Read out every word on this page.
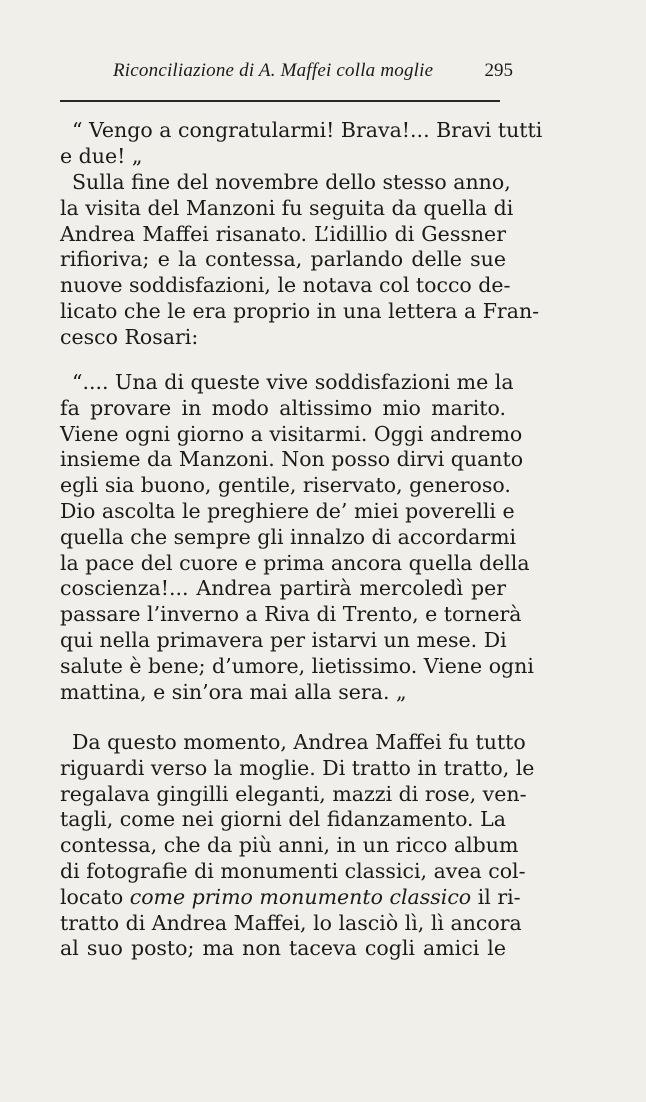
Riconciliazione di A. Maffei colla moglie	295
“ Vengo a congratularmi! Brava!... Bravi tutti
e due! „
Sulla fine del novembre dello stesso anno,
la visita del Manzoni fu seguita da quella di
Andrea Maffei risanato. L’idillio di Gessner
rifioriva; e la contessa, parlando delle sue
nuove soddisfazioni, le notava col tocco de-
licato che le era proprio in una lettera a Fran-
cesco Rosari:
“.... Una di queste vive soddisfazioni me la
fa provare in modo altissimo mio marito.
Viene ogni giorno a visitarmi. Oggi andremo
insieme da Manzoni. Non posso dirvi quanto
egli sia buono, gentile, riservato, generoso.
Dio ascolta le preghiere de’ miei poverelli e
quella che sempre gli innalzo di accordarmi
la pace del cuore e prima ancora quella della
coscienza!... Andrea partirà mercoledì per
passare l’inverno a Riva di Trento, e tornerà
qui nella primavera per istarvi un mese. Di
salute è bene; d’umore, lietissimo. Viene ogni
mattina, e sin’ora mai alla sera. „
Da questo momento, Andrea Maffei fu tutto
riguardi verso la moglie. Di tratto in tratto, le
regalava gingilli eleganti, mazzi di rose, ven-
tagli, come nei giorni del fidanzamento. La
contessa, che da più anni, in un ricco album
di fotografie di monumenti classici, avea col-
locato come primo monumento classico il ri-
tratto di Andrea Maffei, lo lasciò lì, lì ancora
al suo posto; ma non taceva cogli amici le
